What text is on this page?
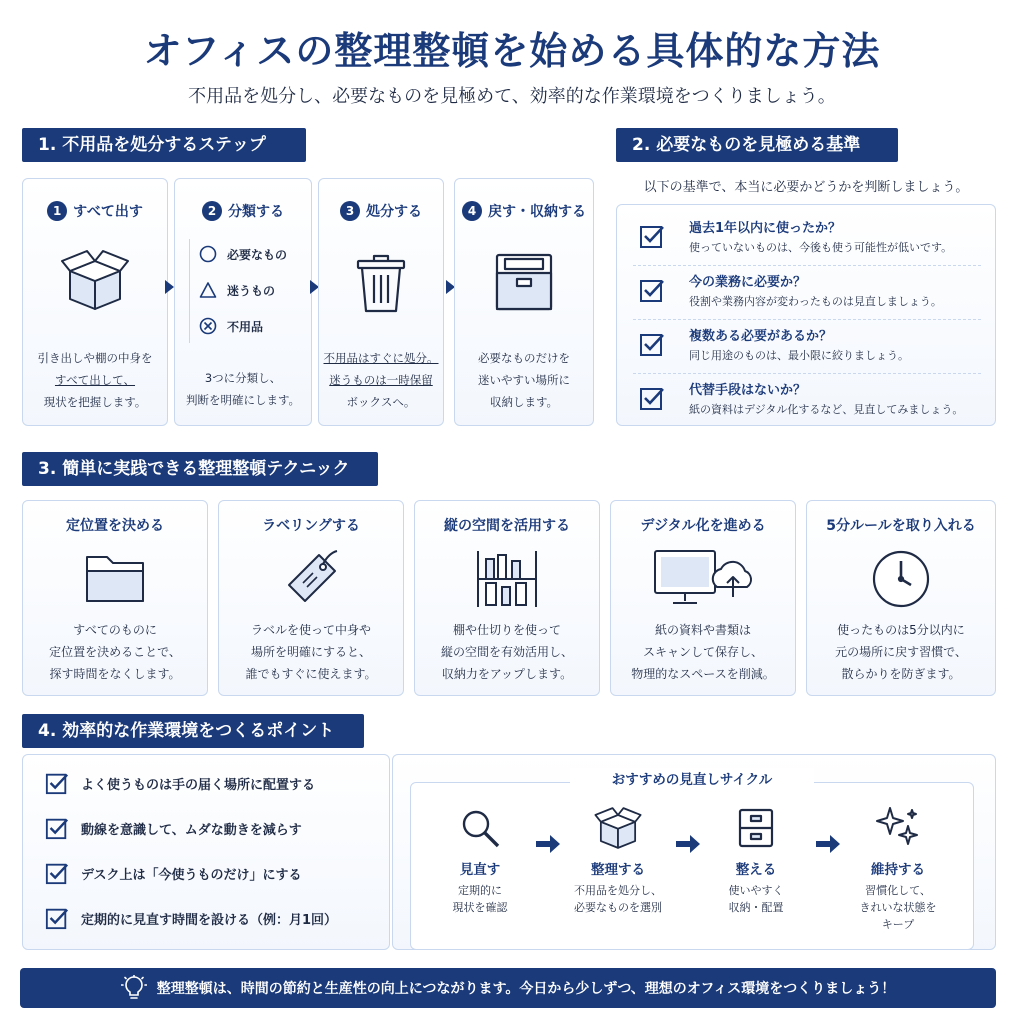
オフィスの整理整頓を始める具体的な方法
不用品を処分し、必要なものを見極めて、効率的な作業環境をつくりましょう。
1. 不用品を処分するステップ
1 すべて出す
引き出しや棚の中身を
すべて出して、
現状を把握します。
2 分類する
必要なもの
迷うもの
不用品
3つに分類し、
判断を明確にします。
3 処分する
不用品はすぐに処分。
迷うものは一時保留
ボックスへ。
4 戻す・収納する
必要なものだけを
迷いやすい場所に
収納します。
2. 必要なものを見極める基準
以下の基準で、本当に必要かどうかを判断しましょう。
過去1年以内に使ったか？
使っていないものは、今後も使う可能性が低いです。
今の業務に必要か？
役割や業務内容が変わったものは見直しましょう。
複数ある必要があるか？
同じ用途のものは、最小限に絞りましょう。
代替手段はないか？
紙の資料はデジタル化するなど、見直してみましょう。
3. 簡単に実践できる整理整頓テクニック
定位置を決める
すべてのものに
定位置を決めることで、
探す時間をなくします。
ラベリングする
ラベルを使って中身や
場所を明確にすると、
誰でもすぐに使えます。
縦の空間を活用する
棚や仕切りを使って
縦の空間を有効活用し、
収納力をアップします。
デジタル化を進める
紙の資料や書類は
スキャンして保存し、
物理的なスペースを削減。
5分ルールを取り入れる
使ったものは5分以内に
元の場所に戻す習慣で、
散らかりを防ぎます。
4. 効率的な作業環境をつくるポイント
よく使うものは手の届く場所に配置する
動線を意識して、ムダな動きを減らす
デスク上は「今使うものだけ」にする
定期的に見直す時間を設ける（例：月1回）
おすすめの見直しサイクル
見直す
定期的に
現状を確認
整理する
不用品を処分し、
必要なものを選別
整える
使いやすく
収納・配置
維持する
習慣化して、
きれいな状態を
キープ
整理整頓は、時間の節約と生産性の向上につながります。今日から少しずつ、理想のオフィス環境をつくりましょう！
